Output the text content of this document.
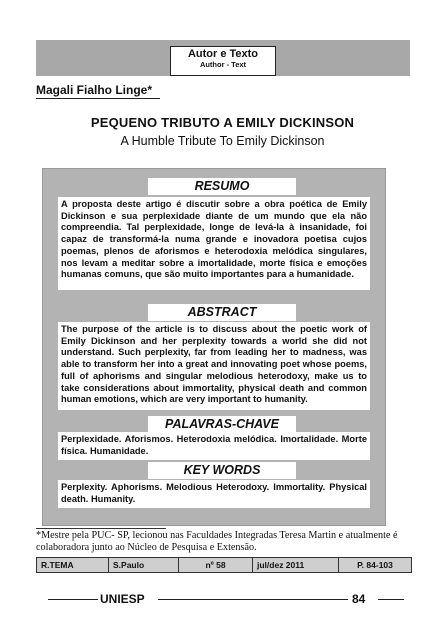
Autor e Texto
Author - Text
Magali Fialho Linge*
PEQUENO TRIBUTO A EMILY DICKINSON
A Humble Tribute To Emily Dickinson
RESUMO
A proposta deste artigo é discutir sobre a obra poética de Emily Dickinson e sua perplexidade diante de um mundo que ela não compreendia. Tal perplexidade, longe de levá-la à insanidade, foi capaz de transformá-la numa grande e inovadora poetisa cujos poemas, plenos de aforismos e heterodoxia melódica singulares, nos levam a meditar sobre a imortalidade, morte física e emoções humanas comuns, que são muito importantes para a humanidade.
ABSTRACT
The purpose of the article is to discuss about the poetic work of Emily Dickinson and her perplexity towards a world she did not understand. Such perplexity, far from leading her to madness, was able to transform her into a great and innovating poet whose poems, full of aphorisms and singular melodious heterodoxy, make us to take considerations about immortality, physical death and common human emotions, which are very important to humanity.
PALAVRAS-CHAVE
Perplexidade. Aforismos. Heterodoxia melódica. Imortalidade. Morte física. Humanidade.
KEY WORDS
Perplexity. Aphorisms. Melodious Heterodoxy. Immortality. Physical death. Humanity.
*Mestre pela PUC- SP, lecionou nas Faculdades Integradas Teresa Martin e atualmente é colaboradora junto ao Núcleo de Pesquisa e Extensão.
R.TEMA	S.Paulo	nº 58	jul/dez 2011	P. 84-103
UNIESP	84
